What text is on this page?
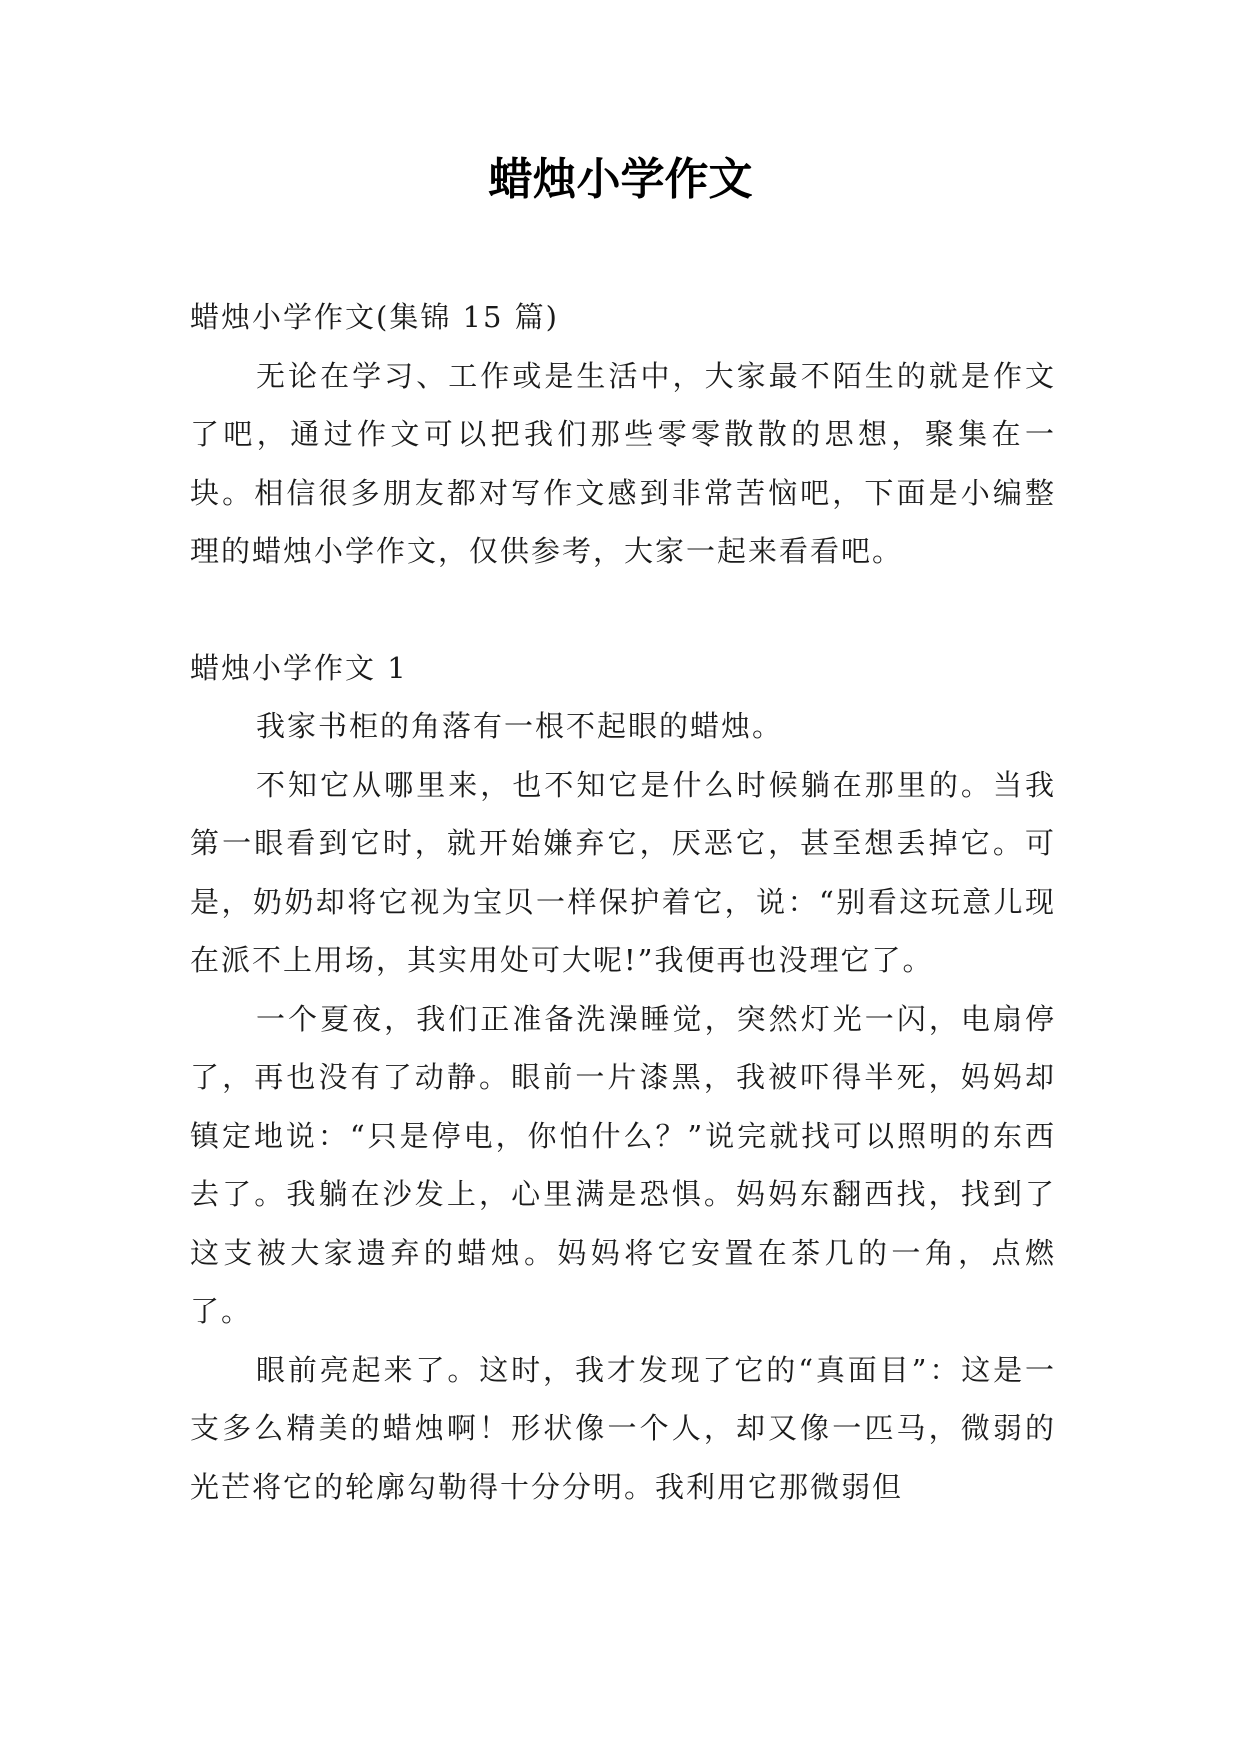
蜡烛小学作文

蜡烛小学作文(集锦 15 篇)

无论在学习、工作或是生活中，大家最不陌生的就是作文了吧，通过作文可以把我们那些零零散散的思想，聚集在一块。相信很多朋友都对写作文感到非常苦恼吧，下面是小编整理的蜡烛小学作文，仅供参考，大家一起来看看吧。

蜡烛小学作文 1

我家书柜的角落有一根不起眼的蜡烛。

不知它从哪里来，也不知它是什么时候躺在那里的。当我第一眼看到它时，就开始嫌弃它，厌恶它，甚至想丢掉它。可是，奶奶却将它视为宝贝一样保护着它，说：“别看这玩意儿现在派不上用场，其实用处可大呢!”我便再也没理它了。

一个夏夜，我们正准备洗澡睡觉，突然灯光一闪，电扇停了，再也没有了动静。眼前一片漆黑，我被吓得半死，妈妈却镇定地说：“只是停电，你怕什么？”说完就找可以照明的东西去了。我躺在沙发上，心里满是恐惧。妈妈东翻西找，找到了这支被大家遗弃的蜡烛。妈妈将它安置在茶几的一角，点燃了。

眼前亮起来了。这时，我才发现了它的“真面目”：这是一支多么精美的蜡烛啊！形状像一个人，却又像一匹马，微弱的光芒将它的轮廓勾勒得十分分明。我利用它那微弱但
